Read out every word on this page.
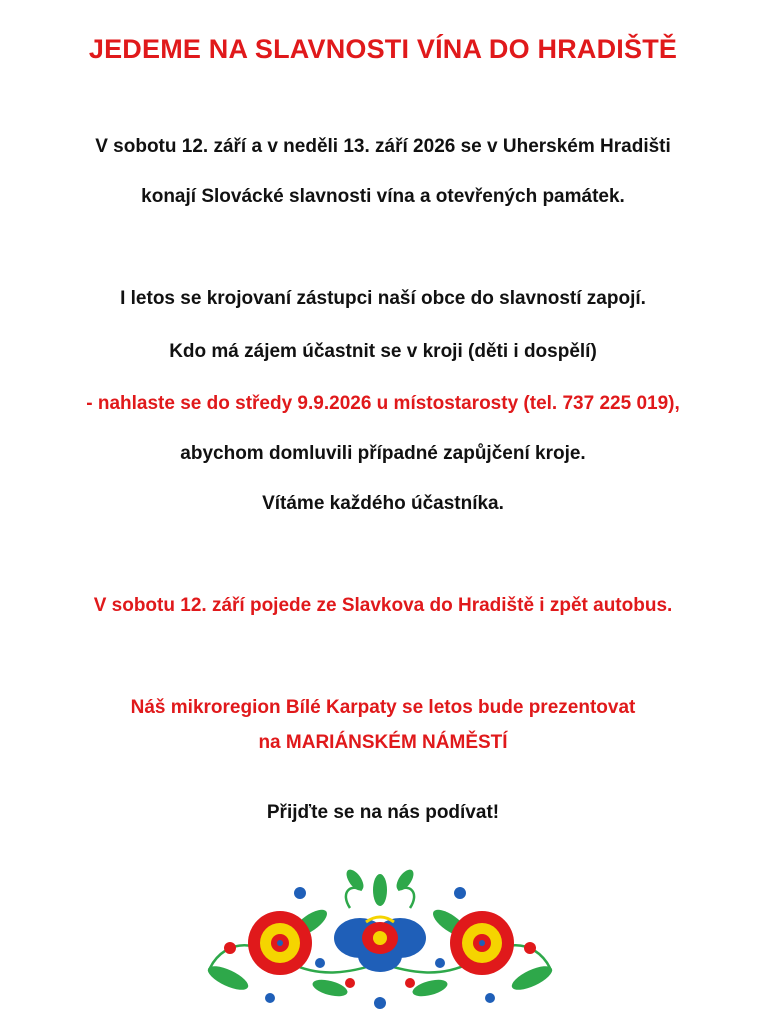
JEDEME NA SLAVNOSTI VÍNA DO HRADIŠTĚ
V sobotu 12. září a v neděli 13. září 2026 se v Uherském Hradišti
konají Slovácké slavnosti vína a otevřených památek.
I letos se krojovaní zástupci naší obce do slavností zapojí.
Kdo má zájem účastnit se v kroji (děti i dospělí)
- nahlaste se do středy 9.9.2026 u místostarosty (tel. 737 225 019),
abychom domluvili případné zapůjčení kroje.
Vítáme každého účastníka.
V sobotu 12. září pojede ze Slavkova do Hradiště i zpět autobus.
Náš mikroregion Bílé Karpaty se letos bude prezentovat
na MARIÁNSKÉM NÁMĚSTÍ
Přijďte se na nás podívat!
